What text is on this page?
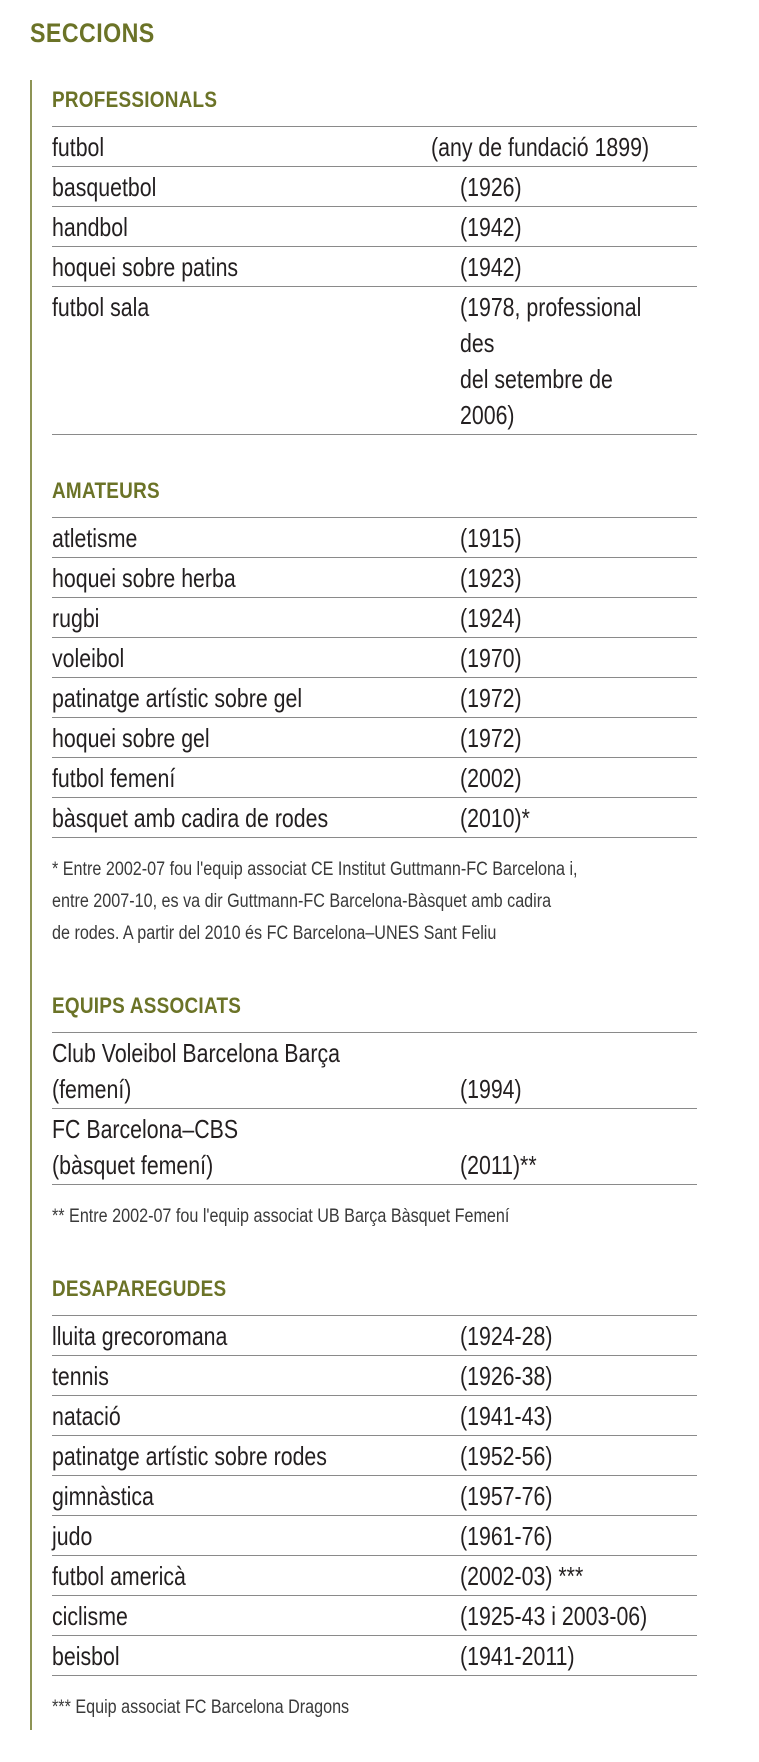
SECCIONS
PROFESSIONALS
futbol	(any de fundació 1899)
basquetbol	(1926)
handbol	(1942)
hoquei sobre patins	(1942)
futbol sala	(1978, professional des
del setembre de 2006)
AMATEURS
atletisme	(1915)
hoquei sobre herba	(1923)
rugbi	(1924)
voleibol	(1970)
patinatge artístic sobre gel	(1972)
hoquei sobre gel	(1972)
futbol femení	(2002)
bàsquet amb cadira de rodes	(2010)*
* Entre 2002-07 fou l'equip associat CE Institut Guttmann-FC Barcelona i,
entre 2007-10, es va dir Guttmann-FC Barcelona-Bàsquet amb cadira
de rodes. A partir del 2010 és FC Barcelona–UNES Sant Feliu
EQUIPS ASSOCIATS
Club Voleibol Barcelona Barça
(femení)	(1994)
FC Barcelona–CBS
(bàsquet femení)	(2011)**
** Entre 2002-07 fou l'equip associat UB Barça Bàsquet Femení
DESAPAREGUDES
lluita grecoromana	(1924-28)
tennis	(1926-38)
natació	(1941-43)
patinatge artístic sobre rodes	(1952-56)
gimnàstica	(1957-76)
judo	(1961-76)
futbol americà	(2002-03) ***
ciclisme	(1925-43 i 2003-06)
beisbol	(1941-2011)
*** Equip associat FC Barcelona Dragons
